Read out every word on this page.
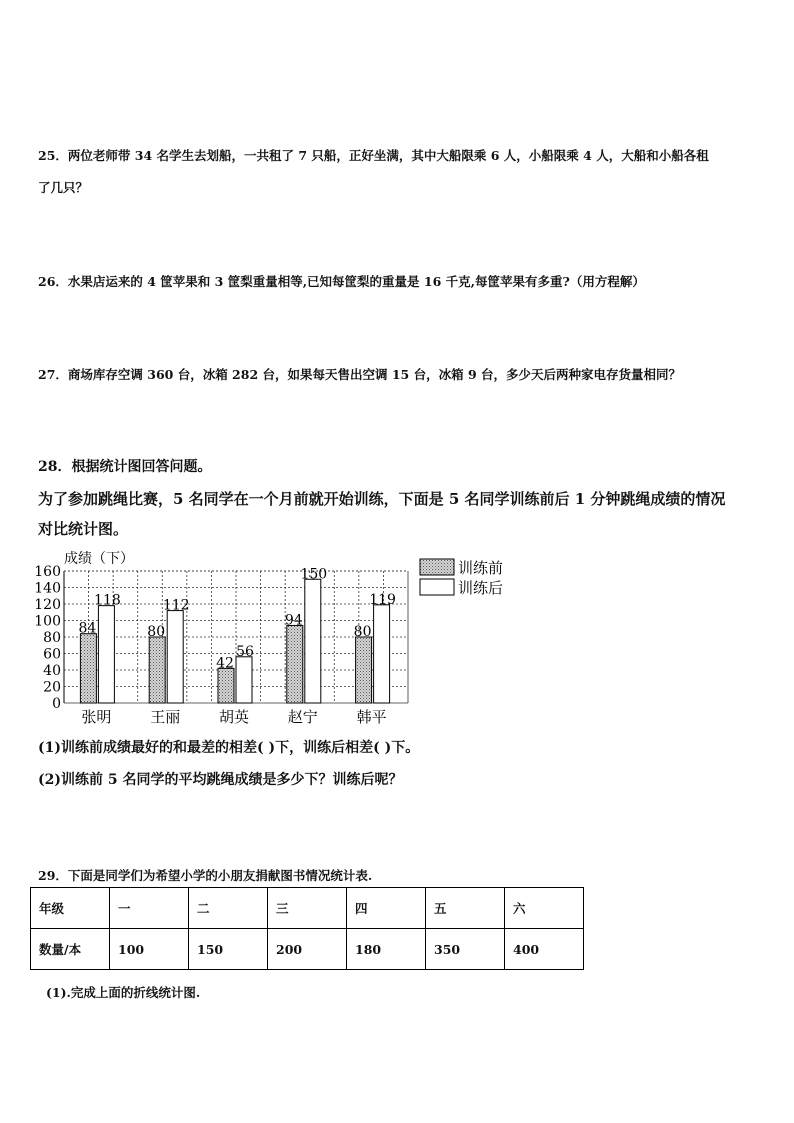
25．两位老师带 34 名学生去划船，一共租了 7 只船，正好坐满，其中大船限乘 6 人，小船限乘 4 人，大船和小船各租
了几只？
26．水果店运来的 4 筐苹果和 3 筐梨重量相等,已知每筐梨的重量是 16 千克,每筐苹果有多重?（用方程解）
27．商场库存空调 360 台，冰箱 282 台，如果每天售出空调 15 台，冰箱 9 台，多少天后两种家电存货量相同？
28．根据统计图回答问题。
为了参加跳绳比赛，5 名同学在一个月前就开始训练，下面是 5 名同学训练前后 1 分钟跳绳成绩的情况
对比统计图。
0
20
40
60
80
100
120
140
160
84
118
80
112
42
56
94
150
80
119
张明	王丽	胡英	赵宁	韩平
成绩（下）	训练前
训练后
(1)训练前成绩最好的和最差的相差( )下，训练后相差( )下。
(2)训练前 5 名同学的平均跳绳成绩是多少下？训练后呢？
29．下面是同学们为希望小学的小朋友捐献图书情况统计表.
年级	一	二	三	四	五	六
数量/本	100	150	200	180	350	400
(1).完成上面的折线统计图.
